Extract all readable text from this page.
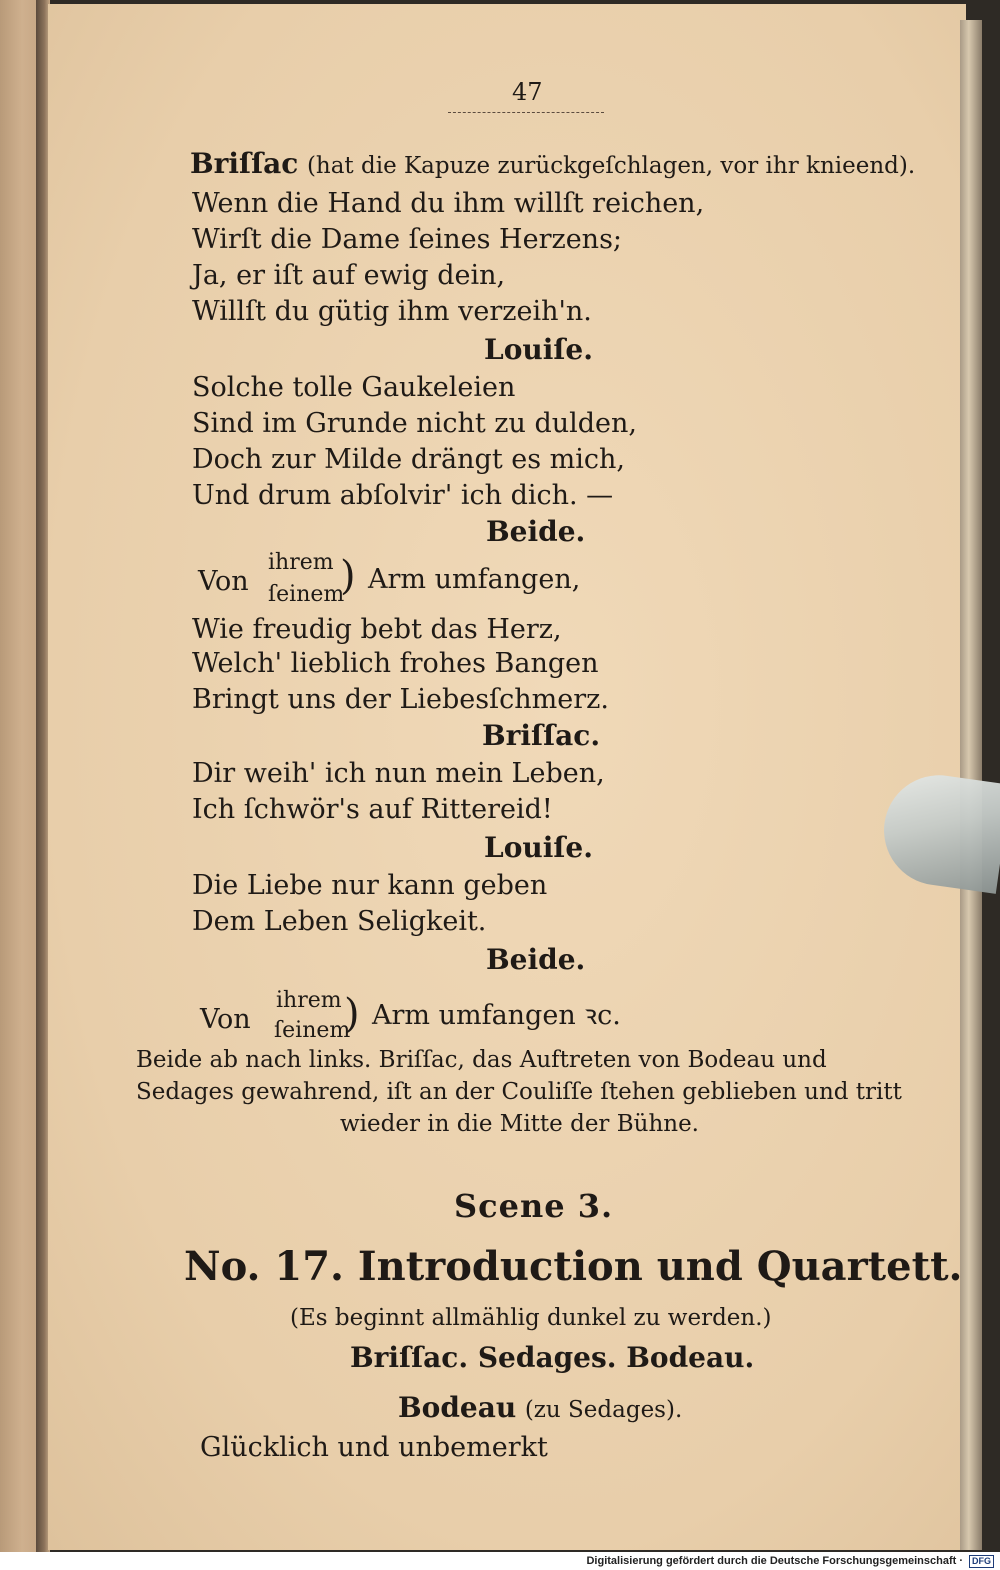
47
Briſſac (hat die Kapuze zurückgeſchlagen, vor ihr knieend).
Wenn die Hand du ihm willſt reichen,
Wirſt die Dame ſeines Herzens;
Ja, er iſt auf ewig dein,
Willſt du gütig ihm verzeih'n.
Louiſe.
Solche tolle Gaukeleien
Sind im Grunde nicht zu dulden,
Doch zur Milde drängt es mich,
Und drum abſolvir' ich dich. —
Beide.
Von
ihrem
ſeinem
) Arm umfangen,
Wie freudig bebt das Herz,
Welch' lieblich frohes Bangen
Bringt uns der Liebesſchmerz.
Briſſac.
Dir weih' ich nun mein Leben,
Ich ſchwör's auf Rittereid!
Louiſe.
Die Liebe nur kann geben
Dem Leben Seligkeit.
Beide.
Von
ihrem
ſeinem
) Arm umfangen ꝛc.
Beide ab nach links. Briſſac, das Auftreten von Bodeau und
Sedages gewahrend, iſt an der Couliſſe ſtehen geblieben und tritt
wieder in die Mitte der Bühne.
Scene 3.
No. 17. Introduction und Quartett.
(Es beginnt allmählig dunkel zu werden.)
Briſſac. Sedages. Bodeau.
Bodeau (zu Sedages).
Glücklich und unbemerkt
Digitalisierung gefördert durch die Deutsche Forschungsgemeinschaft ·	DFG
